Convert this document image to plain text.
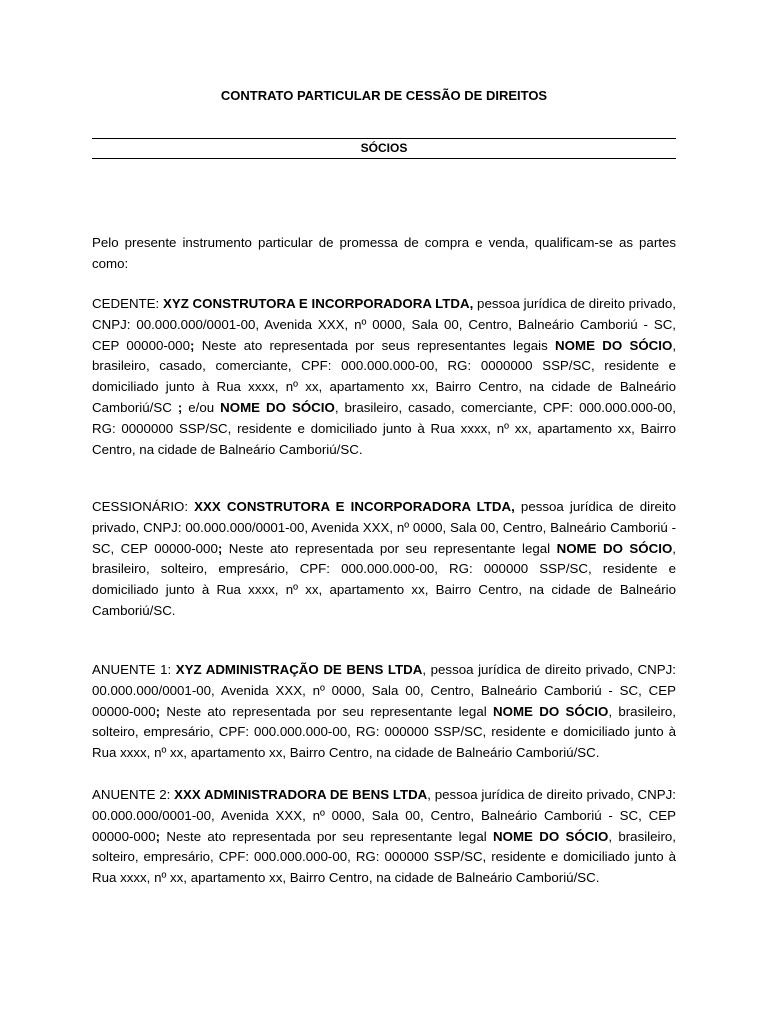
CONTRATO PARTICULAR DE CESSÃO DE DIREITOS
SÓCIOS

Pelo presente instrumento particular de promessa de compra e venda, qualificam-se as partes como:

CEDENTE: XYZ CONSTRUTORA E INCORPORADORA LTDA, pessoa jurídica de direito privado, CNPJ: 00.000.000/0001-00, Avenida XXX, nº 0000, Sala 00, Centro, Balneário Camboriú - SC, CEP 00000-000; Neste ato representada por seus representantes legais NOME DO SÓCIO, brasileiro, casado, comerciante, CPF: 000.000.000-00, RG: 0000000 SSP/SC, residente e domiciliado junto à Rua xxxx, nº xx, apartamento xx, Bairro Centro, na cidade de Balneário Camboriú/SC ; e/ou NOME DO SÓCIO, brasileiro, casado, comerciante, CPF: 000.000.000-00, RG: 0000000 SSP/SC, residente e domiciliado junto à Rua xxxx, nº xx, apartamento xx, Bairro Centro, na cidade de Balneário Camboriú/SC.

CESSIONÁRIO: XXX CONSTRUTORA E INCORPORADORA LTDA, pessoa jurídica de direito privado, CNPJ: 00.000.000/0001-00, Avenida XXX, nº 0000, Sala 00, Centro, Balneário Camboriú - SC, CEP 00000-000; Neste ato representada por seu representante legal NOME DO SÓCIO, brasileiro, solteiro, empresário, CPF: 000.000.000-00, RG: 000000 SSP/SC, residente e domiciliado junto à Rua xxxx, nº xx, apartamento xx, Bairro Centro, na cidade de Balneário Camboriú/SC.

ANUENTE 1: XYZ ADMINISTRAÇÃO DE BENS LTDA, pessoa jurídica de direito privado, CNPJ: 00.000.000/0001-00, Avenida XXX, nº 0000, Sala 00, Centro, Balneário Camboriú - SC, CEP 00000-000; Neste ato representada por seu representante legal NOME DO SÓCIO, brasileiro, solteiro, empresário, CPF: 000.000.000-00, RG: 000000 SSP/SC, residente e domiciliado junto à Rua xxxx, nº xx, apartamento xx, Bairro Centro, na cidade de Balneário Camboriú/SC.

ANUENTE 2: XXX ADMINISTRADORA DE BENS LTDA, pessoa jurídica de direito privado, CNPJ: 00.000.000/0001-00, Avenida XXX, nº 0000, Sala 00, Centro, Balneário Camboriú - SC, CEP 00000-000; Neste ato representada por seu representante legal NOME DO SÓCIO, brasileiro, solteiro, empresário, CPF: 000.000.000-00, RG: 000000 SSP/SC, residente e domiciliado junto à Rua xxxx, nº xx, apartamento xx, Bairro Centro, na cidade de Balneário Camboriú/SC.
